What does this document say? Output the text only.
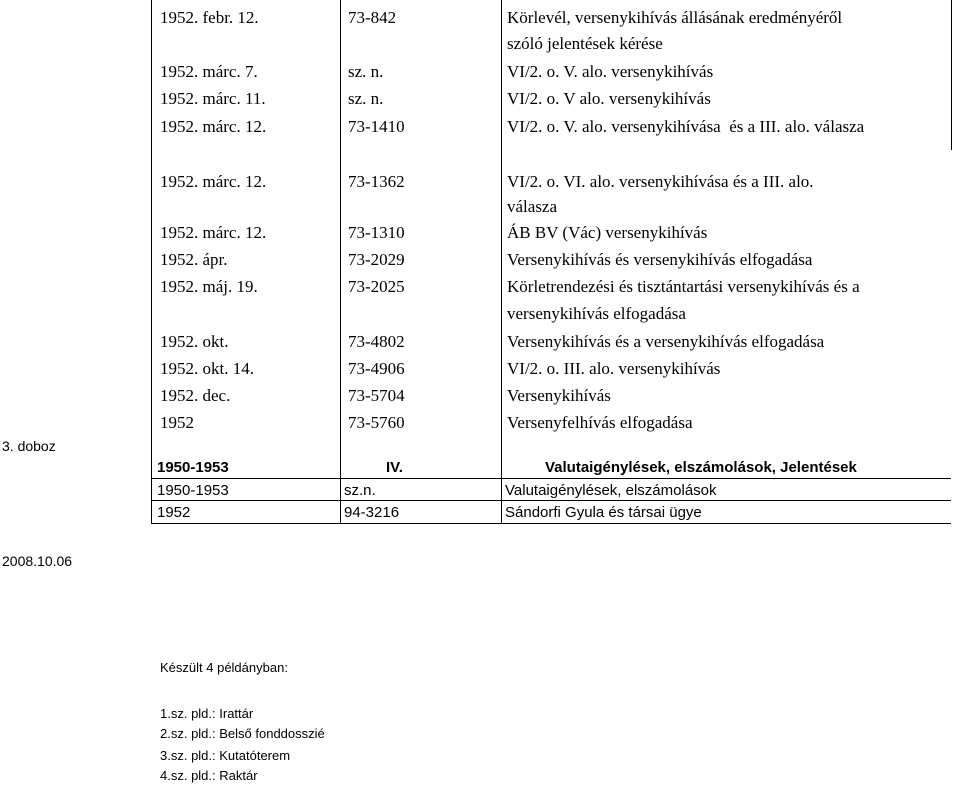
1952. febr. 12.	73-842	Körlevél, versenykihívás állásának eredményéről
szóló jelentések kérése
1952. márc. 7.	sz. n.	VI/2. o. V. alo. versenykihívás
1952. márc. 11.	sz. n.	VI/2. o. V alo. versenykihívás
1952. márc. 12.	73-1410	VI/2. o. V. alo. versenykihívása  és a III. alo. válasza
1952. márc. 12.	73-1362	VI/2. o. VI. alo. versenykihívása és a III. alo.
válasza
1952. márc. 12.	73-1310	ÁB BV (Vác) versenykihívás
1952. ápr.	73-2029	Versenykihívás és versenykihívás elfogadása
1952. máj. 19.	73-2025	Körletrendezési és tisztántartási versenykihívás és a
versenykihívás elfogadása
1952. okt.	73-4802	Versenykihívás és a versenykihívás elfogadása
1952. okt. 14.	73-4906	VI/2. o. III. alo. versenykihívás
1952. dec.	73-5704	Versenykihívás
1952	73-5760	Versenyfelhívás elfogadása
3. doboz
1950-1953	IV.	Valutaigénylések, elszámolások, Jelentések
1950-1953	sz.n.	Valutaigénylések, elszámolások
1952	94-3216	Sándorfi Gyula és társai ügye
2008.10.06
Készült 4 példányban:
1.sz. pld.: Irattár
2.sz. pld.: Belső fonddosszié
3.sz. pld.: Kutatóterem
4.sz. pld.: Raktár
